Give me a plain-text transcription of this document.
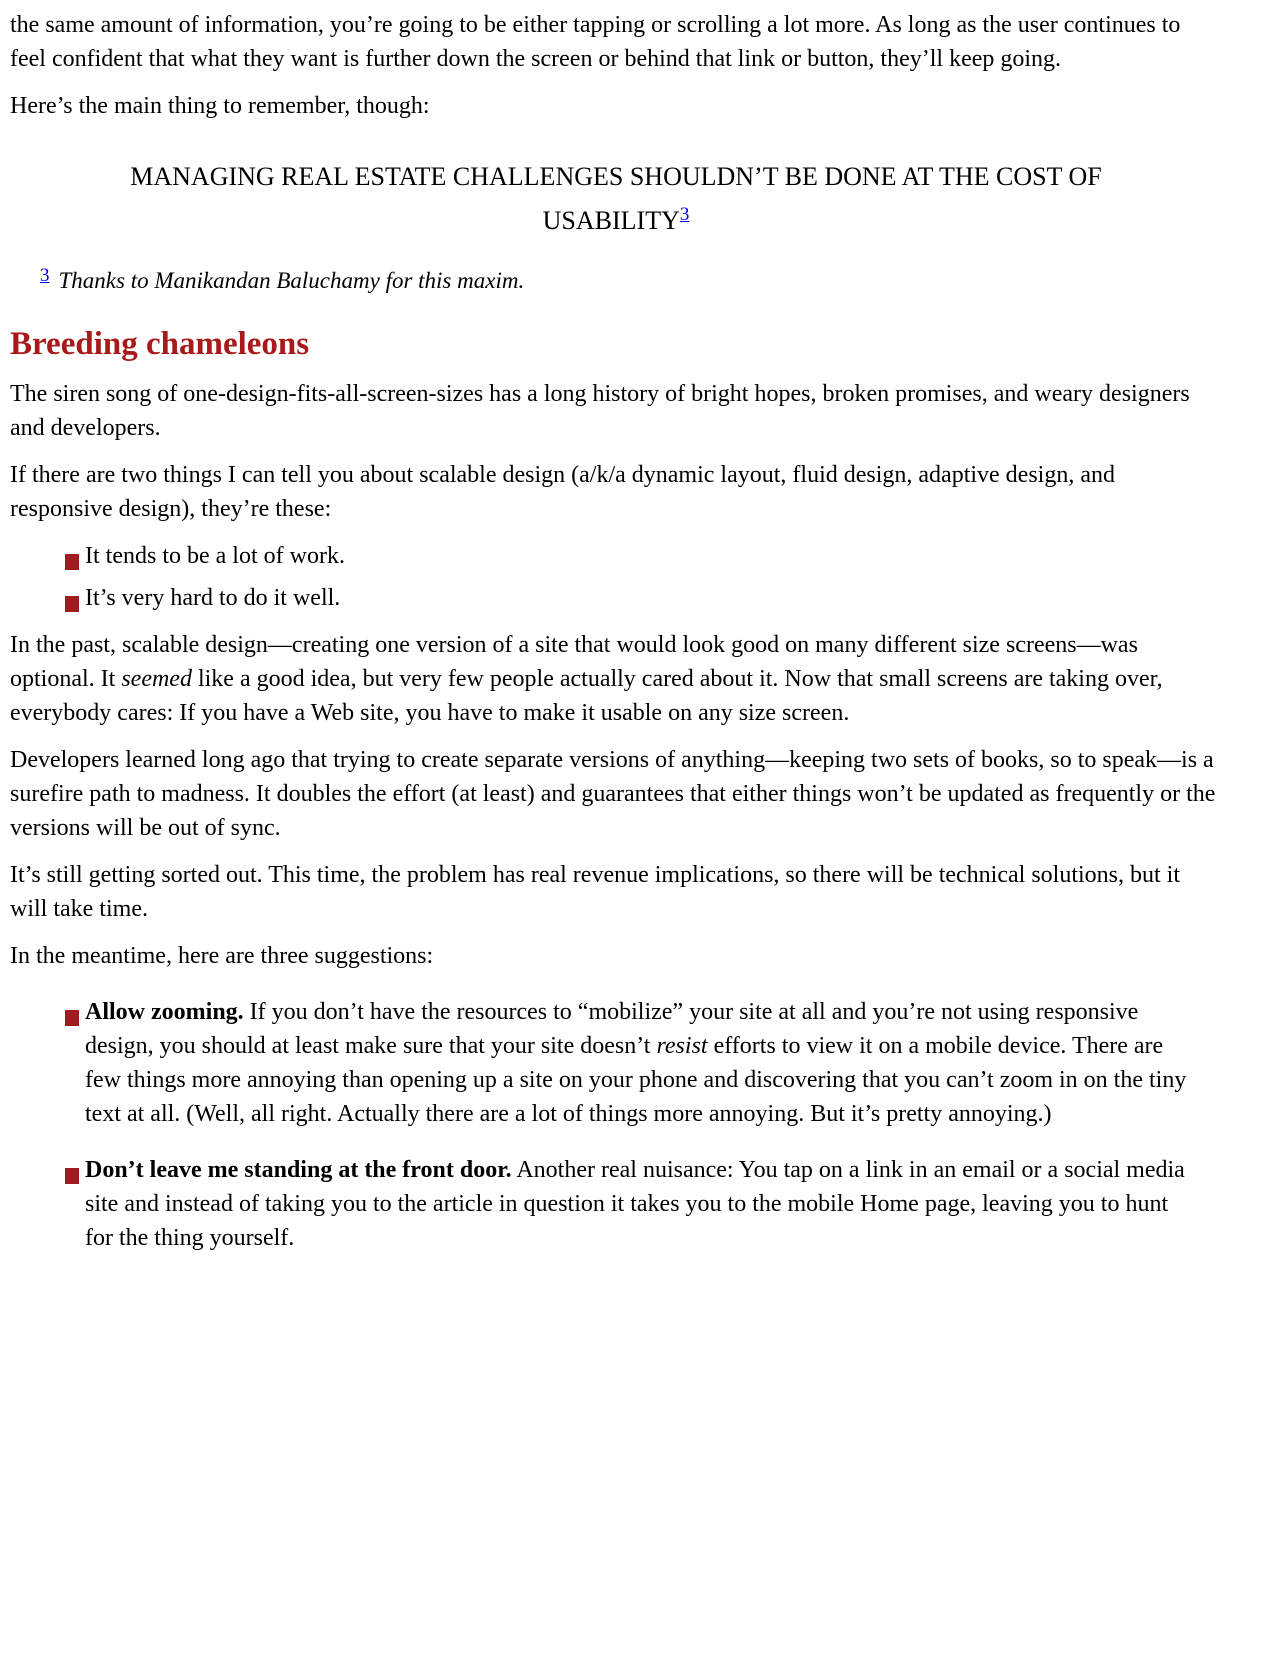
the same amount of information, you’re going to be either tapping or scrolling a lot more. As long as the user continues to feel confident that what they want is further down the screen or behind that link or button, they’ll keep going.

Here’s the main thing to remember, though:

MANAGING REAL ESTATE CHALLENGES SHOULDN’T BE DONE AT THE COST OF USABILITY$^3$

$^3$ Thanks to Manikandan Baluchamy for this maxim.

Breeding chameleons

The siren song of one-design-fits-all-screen-sizes has a long history of bright hopes, broken promises, and weary designers and developers.

If there are two things I can tell you about scalable design (a/k/a dynamic layout, fluid design, adaptive design, and responsive design), they’re these:

It tends to be a lot of work.
It’s very hard to do it well.

In the past, scalable design—creating one version of a site that would look good on many different size screens—was optional. It seemed like a good idea, but very few people actually cared about it. Now that small screens are taking over, everybody cares: If you have a Web site, you have to make it usable on any size screen.

Developers learned long ago that trying to create separate versions of anything—keeping two sets of books, so to speak—is a surefire path to madness. It doubles the effort (at least) and guarantees that either things won’t be updated as frequently or the versions will be out of sync.

It’s still getting sorted out. This time, the problem has real revenue implications, so there will be technical solutions, but it will take time.

In the meantime, here are three suggestions:

Allow zooming. If you don’t have the resources to “mobilize” your site at all and you’re not using responsive design, you should at least make sure that your site doesn’t resist efforts to view it on a mobile device. There are few things more annoying than opening up a site on your phone and discovering that you can’t zoom in on the tiny text at all. (Well, all right. Actually there are a lot of things more annoying. But it’s pretty annoying.)
Don’t leave me standing at the front door. Another real nuisance: You tap on a link in an email or a social media site and instead of taking you to the article in question it takes you to the mobile Home page, leaving you to hunt for the thing yourself.
